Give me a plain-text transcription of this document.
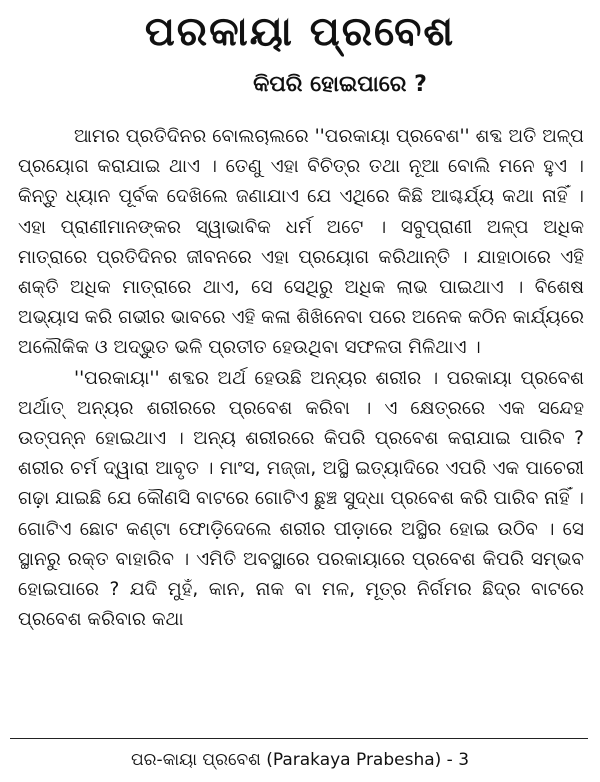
ପରକାୟା ପ୍ରବେଶ
କିପରି ହୋଇପାରେ ?

ଆମର ପ୍ରତିଦିନର ବୋଲଚାଲରେ ''ପରକାୟା ପ୍ରବେଶ'' ଶବ୍ଦ ଅତି ଅଳ୍ପ ପ୍ରୟୋଗ କରାଯାଇ ଥାଏ । ତେଣୁ ଏହା ବିଚିତ୍ର ତଥା ନୂଆ ବୋଲି ମନେ ହୁଏ । କିନ୍ତୁ ଧ୍ୟାନ ପୂର୍ବକ ଦେଖିଲେ ଜଣାଯାଏ ଯେ ଏଥିରେ କିଛି ଆଶ୍ଚର୍ଯ୍ୟ କଥା ନାହିଁ । ଏହା ପ୍ରାଣୀମାନଙ୍କର ସ୍ୱାଭାବିକ ଧର୍ମ ଅଟେ । ସବୁପ୍ରାଣୀ ଅଳ୍ପ ଅଧିକ ମାତ୍ରାରେ ପ୍ରତିଦିନର ଜୀବନରେ ଏହା ପ୍ରୟୋଗ କରିଥାନ୍ତି । ଯାହାଠାରେ ଏହି ଶକ୍ତି ଅଧିକ ମାତ୍ରାରେ ଥାଏ, ସେ ସେଥିରୁ ଅଧିକ ଲାଭ ପାଇଥାଏ । ବିଶେଷ ଅଭ୍ୟାସ କରି ଗଭୀର ଭାବରେ ଏହି କଳା ଶିଖିନେବା ପରେ ଅନେକ କଠିନ କାର୍ଯ୍ୟରେ ଅଲୌକିକ ଓ ଅଦ୍ଭୁତ ଭଳି ପ୍ରତୀତ ହେଉଥିବା ସଫଳତା ମିଳିଥାଏ ।

''ପରକାୟା'' ଶବ୍ଦର ଅର୍ଥ ହେଉଛି ଅନ୍ୟର ଶରୀର । ପରକାୟା ପ୍ରବେଶ ଅର୍ଥାତ୍ ଅନ୍ୟର ଶରୀରରେ ପ୍ରବେଶ କରିବା । ଏ କ୍ଷେତ୍ରରେ ଏକ ସନ୍ଦେହ ଉତ୍ପନ୍ନ ହୋଇଥାଏ । ଅନ୍ୟ ଶରୀରରେ କିପରି ପ୍ରବେଶ କରାଯାଇ ପାରିବ ? ଶରୀର ଚର୍ମ ଦ୍ୱାରା ଆବୃତ । ମାଂସ, ମଜ୍ଜା, ଅସ୍ଥି ଇତ୍ୟାଦିରେ ଏପରି ଏକ ପାଚେରୀ ଗଢ଼ା ଯାଇଛି ଯେ କୌଣସି ବାଟରେ ଗୋଟିଏ ଛୁଞ୍ଚ ସୁଦ୍ଧା ପ୍ରବେଶ କରି ପାରିବ ନାହିଁ । ଗୋଟିଏ ଛୋଟ କଣ୍ଟା ଫୋଡ଼ିଦେଲେ ଶରୀର ପୀଡ଼ାରେ ଅସ୍ଥିର ହୋଇ ଉଠିବ । ସେ ସ୍ଥାନରୁ ରକ୍ତ ବାହାରିବ । ଏମିତି ଅବସ୍ଥାରେ ପରକାୟାରେ ପ୍ରବେଶ କିପରି ସମ୍ଭବ ହୋଇପାରେ ? ଯଦି ମୁହଁ, କାନ, ନାକ ବା ମଳ, ମୂତ୍ର ନିର୍ଗମର ଛିଦ୍ର ବାଟରେ ପ୍ରବେଶ କରିବାର କଥା

ପର-କାୟା ପ୍ରବେଶ (Parakaya Prabesha) - 3
